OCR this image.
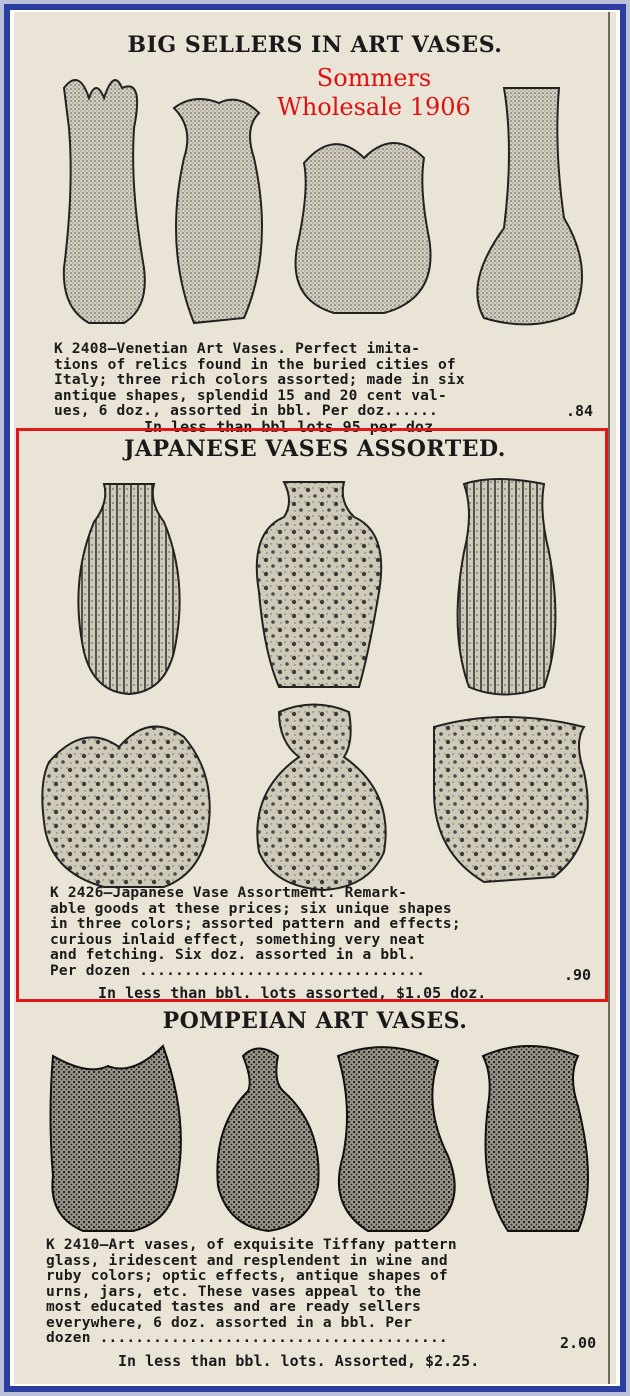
BIG SELLERS IN ART VASES.
Sommers
Wholesale 1906
K 2408—Venetian Art Vases. Perfect imita-
tions of relics found in the buried cities of
Italy; three rich colors assorted; made in six
antique shapes, splendid 15 and 20 cent val-
ues, 6 doz., assorted in bbl. Per doz......	.84
In less than bbl lots 95 per doz
JAPANESE VASES ASSORTED.
K 2426—Japanese Vase Assortment. Remark-
able goods at these prices; six unique shapes
in three colors; assorted pattern and effects;
curious inlaid effect, something very neat
and fetching. Six doz. assorted in a bbl.
Per dozen ................................	.90
In less than bbl. lots assorted, $1.05 doz.
POMPEIAN ART VASES.
K 2410—Art vases, of exquisite Tiffany pattern
glass, iridescent and resplendent in wine and
ruby colors; optic effects, antique shapes of
urns, jars, etc. These vases appeal to the
most educated tastes and are ready sellers
everywhere, 6 doz. assorted in a bbl. Per
dozen .......................................	2.00
In less than bbl. lots. Assorted, $2.25.
